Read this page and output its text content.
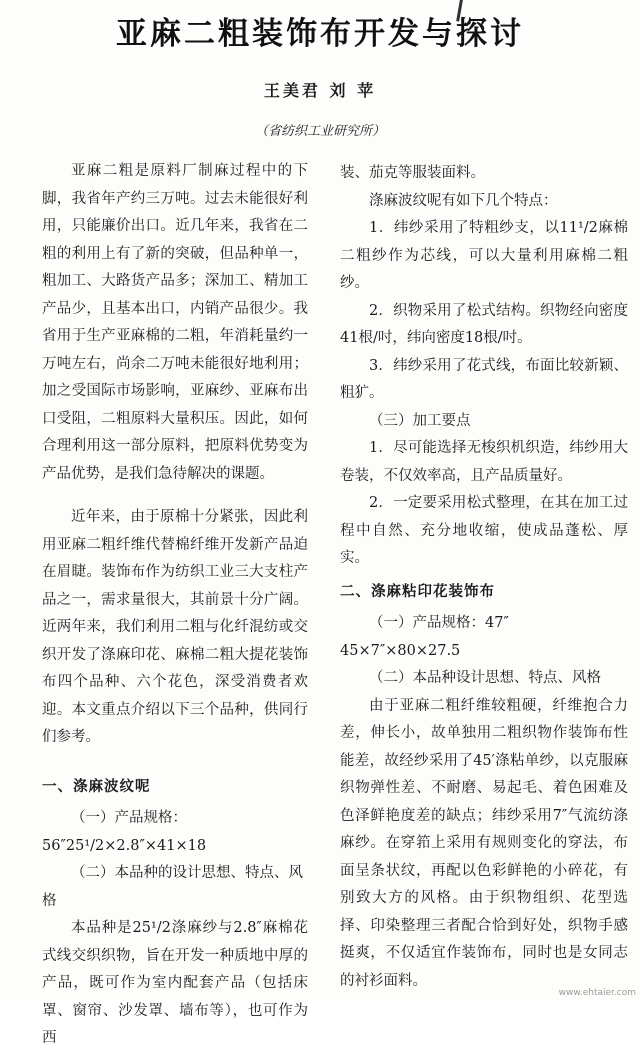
亚麻二粗装饰布开发与探讨
王美君 刘 苹
（省纺织工业研究所）

亚麻二粗是原料厂制麻过程中的下脚，我省年产约三万吨。过去未能很好利用，只能廉价出口。近几年来，我省在二粗的利用上有了新的突破，但品种单一，粗加工、大路货产品多；深加工、精加工产品少，且基本出口，内销产品很少。我省用于生产亚麻棉的二粗，年消耗量约一万吨左右，尚余二万吨未能很好地利用；加之受国际市场影响，亚麻纱、亚麻布出口受阻，二粗原料大量积压。因此，如何合理利用这一部分原料，把原料优势变为产品优势，是我们急待解决的课题。

近年来，由于原棉十分紧张，因此利用亚麻二粗纤维代替棉纤维开发新产品迫在眉睫。装饰布作为纺织工业三大支柱产品之一，需求量很大，其前景十分广阔。近两年来，我们利用二粗与化纤混纺或交织开发了涤麻印花、麻棉二粗大提花装饰布四个品种、六个花色，深受消费者欢迎。本文重点介绍以下三个品种，供同行们参考。

一、涤麻波纹呢
（一）产品规格：56″25¹/2×2.8″×41×18
（二）本品种的设计思想、特点、风格

本品种是25¹/2涤麻纱与2.8″麻棉花式线交织织物，旨在开发一种质地中厚的产品，既可作为室内配套产品（包括床罩、窗帘、沙发罩、墙布等），也可作为西

装、茄克等服装面料。

涤麻波纹呢有如下几个特点：

1．纬纱采用了特粗纱支，以11¹/2麻棉二粗纱作为芯线，可以大量利用麻棉二粗纱。

2．织物采用了松式结构。织物经向密度41根/吋，纬向密度18根/吋。

3．纬纱采用了花式线，布面比较新颖、粗犷。

（三）加工要点

1．尽可能选择无梭织机织造，纬纱用大卷装，不仅效率高，且产品质量好。

2．一定要采用松式整理，在其在加工过程中自然、充分地收缩，使成品蓬松、厚实。

二、涤麻粘印花装饰布
（一）产品规格：47″ 45×7″×80×27.5
（二）本品种设计思想、特点、风格

由于亚麻二粗纤维较粗硬，纤维抱合力差，伸长小，故单独用二粗织物作装饰布性能差，故经纱采用了45′涤粘单纱，以克服麻织物弹性差、不耐磨、易起毛、着色困难及色泽鲜艳度差的缺点；纬纱采用7″气流纺涤麻纱。在穿筘上采用有规则变化的穿法，布面呈条状纹，再配以色彩鲜艳的小碎花，有别致大方的风格。由于织物组织、花型选择、印染整理三者配合恰到好处，织物手感挺爽，不仅适宜作装饰布，同时也是女同志的衬衫面料。

www.ehtaier.com
